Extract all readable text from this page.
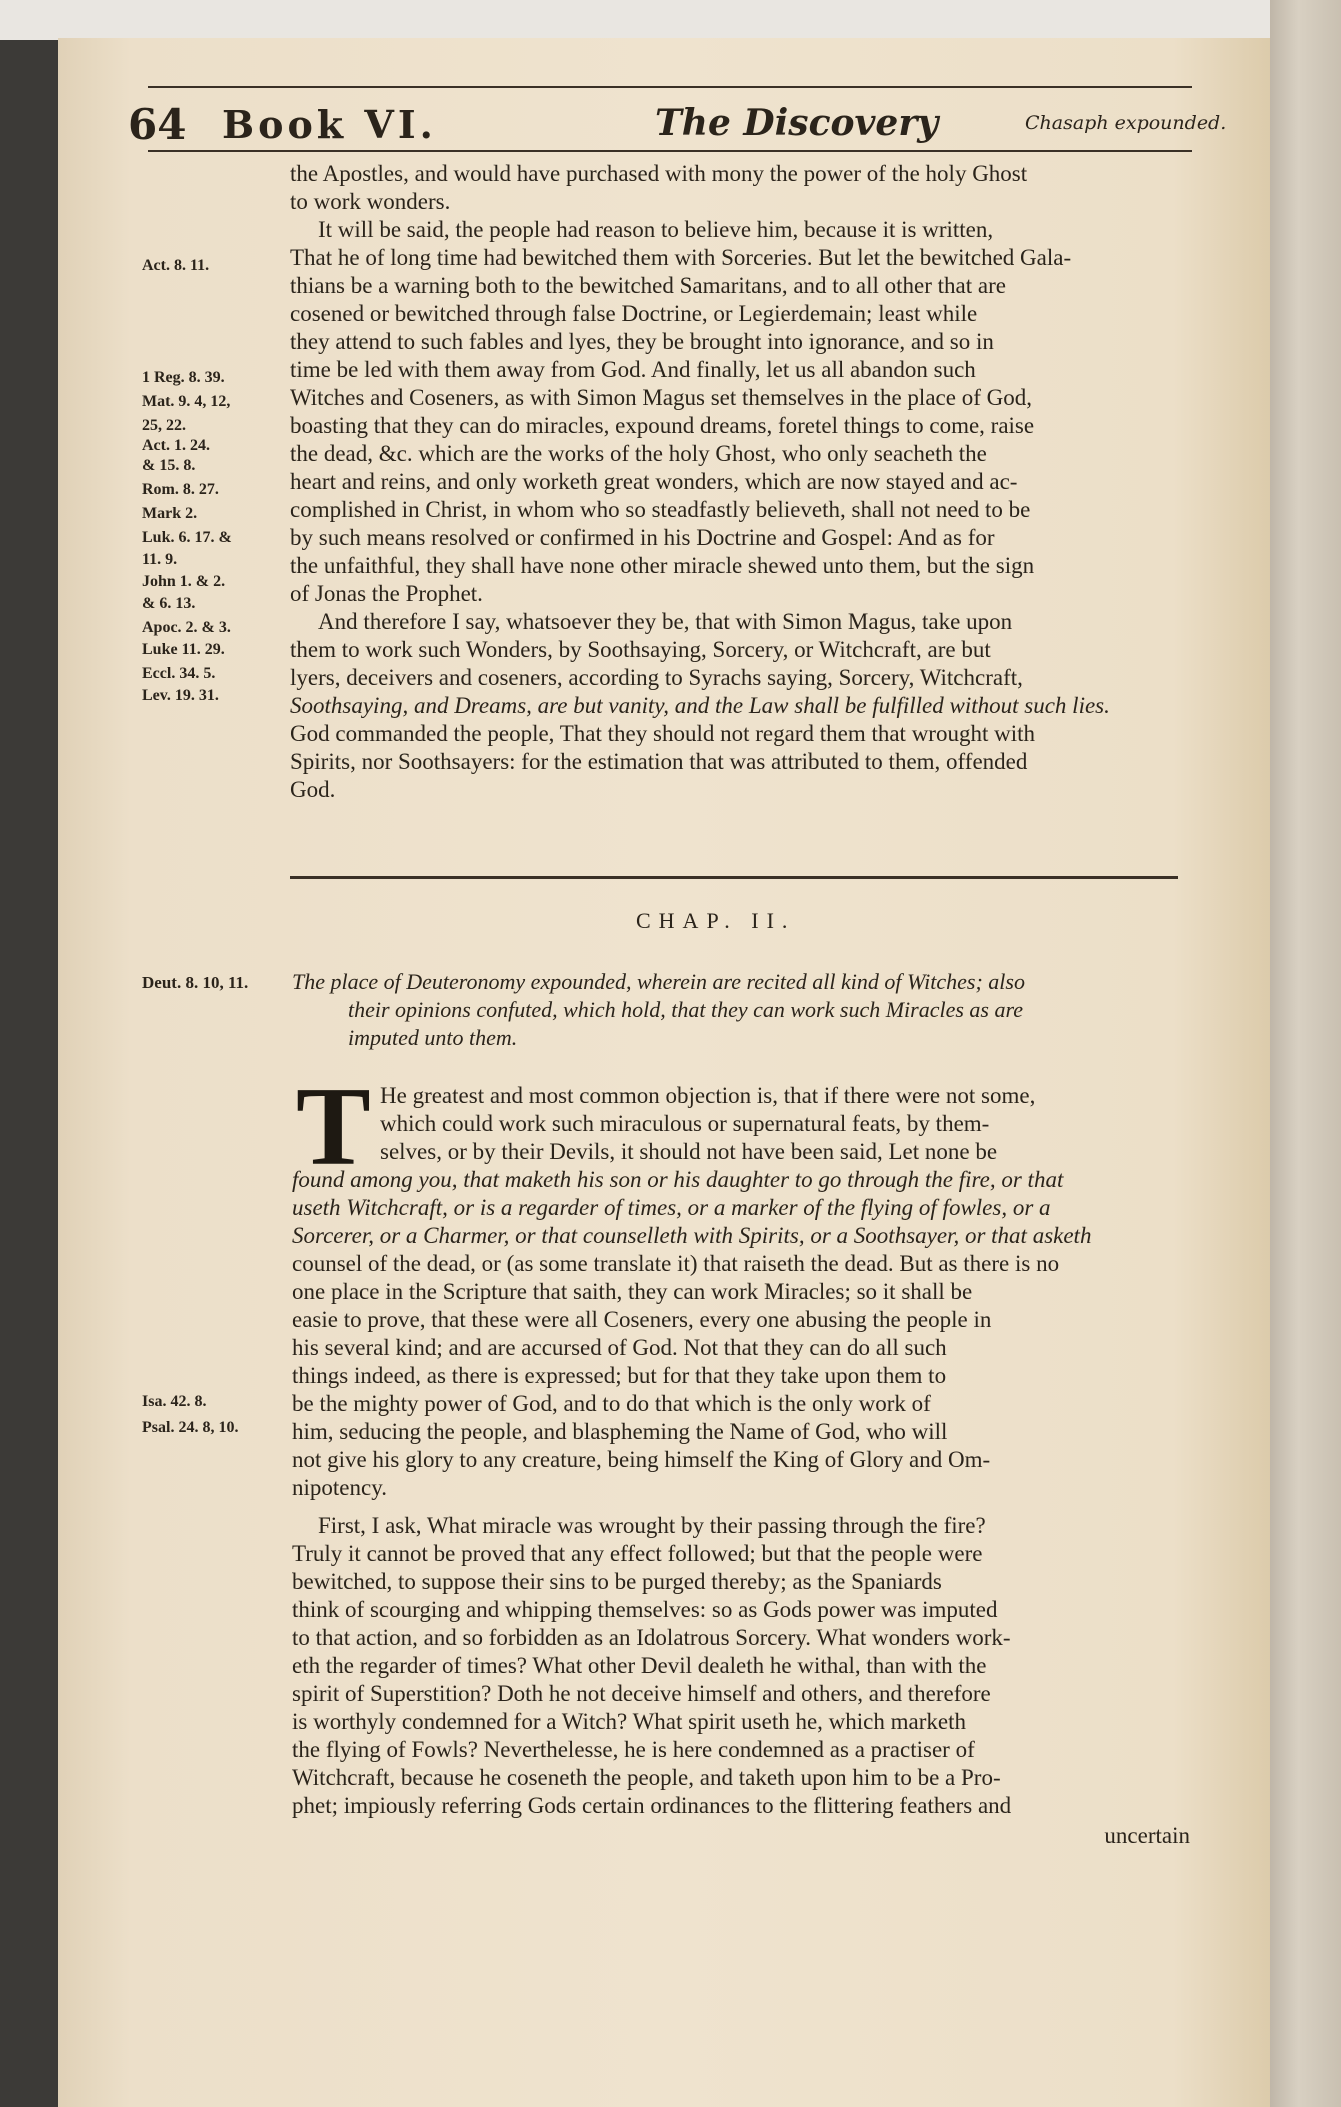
64 Book VI.	The Discovery	Chasaph expounded.
the Apostles, and would have purchased with mony the power of the holy Ghost
to work wonders.
It will be said, the people had reason to believe him, because it is written,
That he of long time had bewitched them with Sorceries. But let the bewitched Gala-
thians be a warning both to the bewitched Samaritans, and to all other that are
cosened or bewitched through false Doctrine, or Legierdemain; least while
they attend to such fables and lyes, they be brought into ignorance, and so in
time be led with them away from God. And finally, let us all abandon such
Witches and Coseners, as with Simon Magus set themselves in the place of God,
boasting that they can do miracles, expound dreams, foretel things to come, raise
the dead, &c. which are the works of the holy Ghost, who only seacheth the
heart and reins, and only worketh great wonders, which are now stayed and ac-
complished in Christ, in whom who so steadfastly believeth, shall not need to be
by such means resolved or confirmed in his Doctrine and Gospel: And as for
the unfaithful, they shall have none other miracle shewed unto them, but the sign
of Jonas the Prophet.
And therefore I say, whatsoever they be, that with Simon Magus, take upon
them to work such Wonders, by Soothsaying, Sorcery, or Witchcraft, are but
lyers, deceivers and coseners, according to Syrachs saying, Sorcery, Witchcraft,
Soothsaying, and Dreams, are but vanity, and the Law shall be fulfilled without such lies.
God commanded the people, That they should not regard them that wrought with
Spirits, nor Soothsayers: for the estimation that was attributed to them, offended
God.
Act. 8. 11.
1 Reg. 8. 39.
Mat. 9. 4, 12,
25, 22.
Act. 1. 24.
& 15. 8.
Rom. 8. 27.
Mark 2.
Luk. 6. 17. &
11. 9.
John 1. & 2.
& 6. 13.
Apoc. 2. & 3.
Luke 11. 29.
Eccl. 34. 5.
Lev. 19. 31.
CHAP. II.
Deut. 8. 10, 11. The place of Deuteronomy expounded, wherein are recited all kind of Witches; also
their opinions confuted, which hold, that they can work such Miracles as are
imputed unto them.
T He greatest and most common objection is, that if there were not some,
which could work such miraculous or supernatural feats, by them-
selves, or by their Devils, it should not have been said, Let none be
found among you, that maketh his son or his daughter to go through the fire, or that
useth Witchcraft, or is a regarder of times, or a marker of the flying of fowles, or a
Sorcerer, or a Charmer, or that counselleth with Spirits, or a Soothsayer, or that asketh
counsel of the dead, or (as some translate it) that raiseth the dead. But as there is no
one place in the Scripture that saith, they can work Miracles; so it shall be
easie to prove, that these were all Coseners, every one abusing the people in
his several kind; and are accursed of God. Not that they can do all such
things indeed, as there is expressed; but for that they take upon them to
be the mighty power of God, and to do that which is the only work of
him, seducing the people, and blaspheming the Name of God, who will
not give his glory to any creature, being himself the King of Glory and Om-
nipotency.
First, I ask, What miracle was wrought by their passing through the fire?
Truly it cannot be proved that any effect followed; but that the people were
bewitched, to suppose their sins to be purged thereby; as the Spaniards
think of scourging and whipping themselves: so as Gods power was imputed
to that action, and so forbidden as an Idolatrous Sorcery. What wonders work-
eth the regarder of times? What other Devil dealeth he withal, than with the
spirit of Superstition? Doth he not deceive himself and others, and therefore
is worthyly condemned for a Witch? What spirit useth he, which marketh
the flying of Fowls? Neverthelesse, he is here condemned as a practiser of
Witchcraft, because he coseneth the people, and taketh upon him to be a Pro-
phet; impiously referring Gods certain ordinances to the flittering feathers and
uncertain
Isa. 42. 8.
Psal. 24. 8, 10.
